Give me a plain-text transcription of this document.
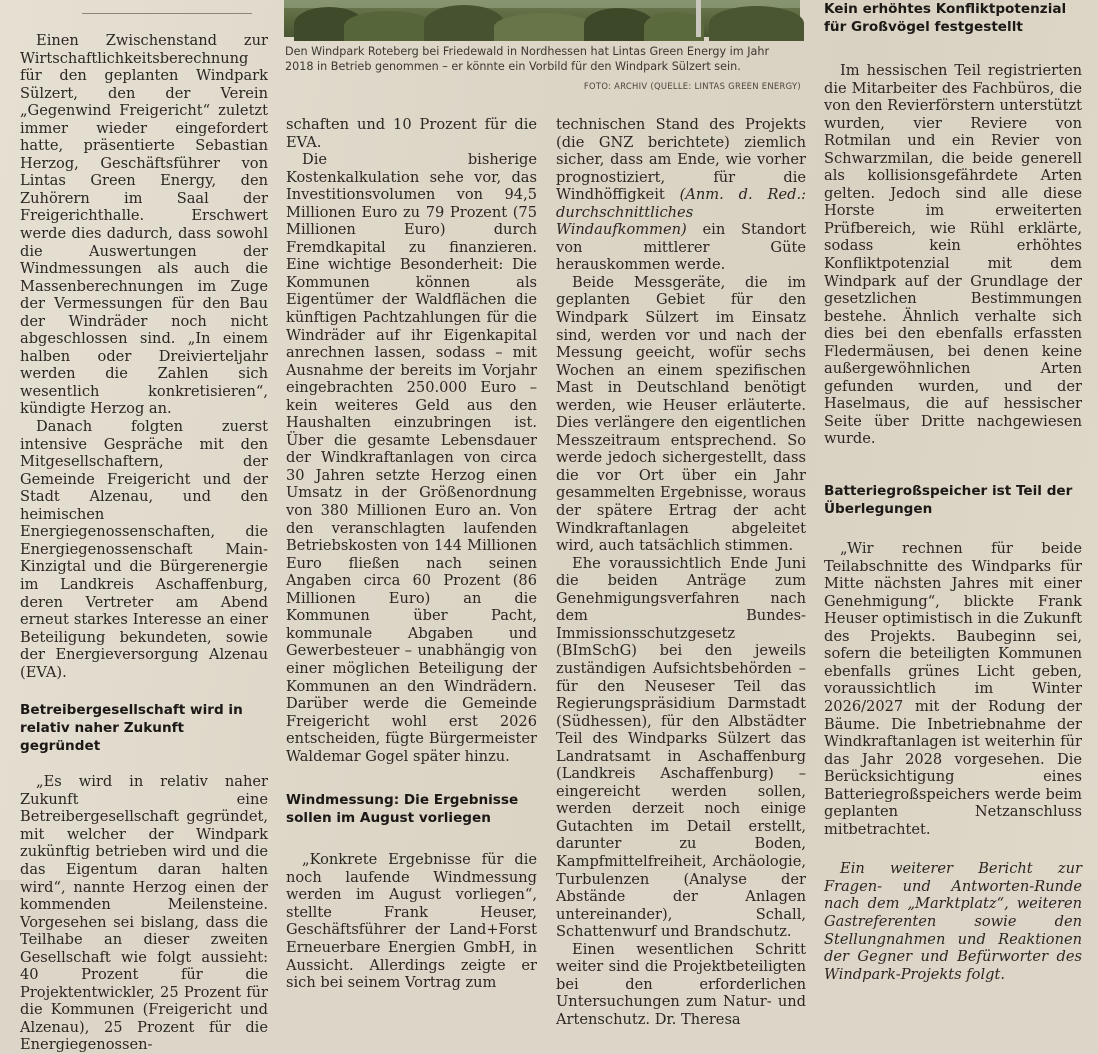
Den Windpark Roteberg bei Friedewald in Nordhessen hat Lintas Green Energy im Jahr 2018 in Betrieb genommen – er könnte ein Vorbild für den Windpark Sülzert sein.
FOTO: ARCHIV (QUELLE: LINTAS GREEN ENERGY)

Einen Zwischenstand zur Wirtschaftlichkeitsberechnung für den geplanten Windpark Sülzert, den der Verein „Gegenwind Freigericht“ zuletzt immer wieder eingefordert hatte, präsentierte Sebastian Herzog, Geschäftsführer von Lintas Green Energy, den Zuhörern im Saal der Freigerichthalle. Erschwert werde dies dadurch, dass sowohl die Auswertungen der Windmessungen als auch die Massenberechnungen im Zuge der Vermessungen für den Bau der Windräder noch nicht abgeschlossen sind. „In einem halben oder Dreivierteljahr werden die Zahlen sich wesentlich konkretisieren“, kündigte Herzog an.

Danach folgten zuerst intensive Gespräche mit den Mitgesellschaftern, der Gemeinde Freigericht und der Stadt Alzenau, und den heimischen Energiegenossenschaften, die Energiegenossenschaft Main-Kinzigtal und die Bürgerenergie im Landkreis Aschaffenburg, deren Vertreter am Abend erneut starkes Interesse an einer Beteiligung bekundeten, sowie der Energieversorgung Alzenau (EVA).

Betreibergesellschaft wird in relativ naher Zukunft gegründet

„Es wird in relativ naher Zukunft eine Betreibergesellschaft gegründet, mit welcher der Windpark zukünftig betrieben wird und die das Eigentum daran halten wird“, nannte Herzog einen der kommenden Meilensteine. Vorgesehen sei bislang, dass die Teilhabe an dieser zweiten Gesellschaft wie folgt aussieht: 40 Prozent für die Projektentwickler, 25 Prozent für die Kommunen (Freigericht und Alzenau), 25 Prozent für die Energiegenossen-

schaften und 10 Prozent für die EVA.

Die bisherige Kostenkalkulation sehe vor, das Investitionsvolumen von 94,5 Millionen Euro zu 79 Prozent (75 Millionen Euro) durch Fremdkapital zu finanzieren. Eine wichtige Besonderheit: Die Kommunen können als Eigentümer der Waldflächen die künftigen Pachtzahlungen für die Windräder auf ihr Eigenkapital anrechnen lassen, sodass – mit Ausnahme der bereits im Vorjahr eingebrachten 250.000 Euro – kein weiteres Geld aus den Haushalten einzubringen ist. Über die gesamte Lebensdauer der Windkraftanlagen von circa 30 Jahren setzte Herzog einen Umsatz in der Größenordnung von 380 Millionen Euro an. Von den veranschlagten laufenden Betriebskosten von 144 Millionen Euro fließen nach seinen Angaben circa 60 Prozent (86 Millionen Euro) an die Kommunen über Pacht, kommunale Abgaben und Gewerbesteuer – unabhängig von einer möglichen Beteiligung der Kommunen an den Windrädern. Darüber werde die Gemeinde Freigericht wohl erst 2026 entscheiden, fügte Bürgermeister Waldemar Gogel später hinzu.

Windmessung: Die Ergebnisse sollen im August vorliegen

„Konkrete Ergebnisse für die noch laufende Windmessung werden im August vorliegen“, stellte Frank Heuser, Geschäftsführer der Land+Forst Erneuerbare Energien GmbH, in Aussicht. Allerdings zeigte er sich bei seinem Vortrag zum

technischen Stand des Projekts (die GNZ berichtete) ziemlich sicher, dass am Ende, wie vorher prognostiziert, für die Windhöffigkeit (Anm. d. Red.: durchschnittliches Windaufkommen) ein Standort von mittlerer Güte herauskommen werde.

Beide Messgeräte, die im geplanten Gebiet für den Windpark Sülzert im Einsatz sind, werden vor und nach der Messung geeicht, wofür sechs Wochen an einem spezifischen Mast in Deutschland benötigt werden, wie Heuser erläuterte. Dies verlängere den eigentlichen Messzeitraum entsprechend. So werde jedoch sichergestellt, dass die vor Ort über ein Jahr gesammelten Ergebnisse, woraus der spätere Ertrag der acht Windkraftanlagen abgeleitet wird, auch tatsächlich stimmen.

Ehe voraussichtlich Ende Juni die beiden Anträge zum Genehmigungsverfahren nach dem Bundes-Immissionsschutzgesetz (BImSchG) bei den jeweils zuständigen Aufsichtsbehörden – für den Neuseser Teil das Regierungspräsidium Darmstadt (Südhessen), für den Albstädter Teil des Windparks Sülzert das Landratsamt in Aschaffenburg (Landkreis Aschaffenburg) – eingereicht werden sollen, werden derzeit noch einige Gutachten im Detail erstellt, darunter zu Boden, Kampfmittelfreiheit, Archäologie, Turbulenzen (Analyse der Abstände der Anlagen untereinander), Schall, Schattenwurf und Brandschutz.

Einen wesentlichen Schritt weiter sind die Projektbeteiligten bei den erforderlichen Untersuchungen zum Natur- und Artenschutz. Dr. Theresa

Kein erhöhtes Konfliktpotenzial für Großvögel festgestellt

Im hessischen Teil registrierten die Mitarbeiter des Fachbüros, die von den Revierförstern unterstützt wurden, vier Reviere von Rotmilan und ein Revier von Schwarzmilan, die beide generell als kollisionsgefährdete Arten gelten. Jedoch sind alle diese Horste im erweiterten Prüfbereich, wie Rühl erklärte, sodass kein erhöhtes Konfliktpotenzial mit dem Windpark auf der Grundlage der gesetzlichen Bestimmungen bestehe. Ähnlich verhalte sich dies bei den ebenfalls erfassten Fledermäusen, bei denen keine außergewöhnlichen Arten gefunden wurden, und der Haselmaus, die auf hessischer Seite über Dritte nachgewiesen wurde.

Batteriegroßspeicher ist Teil der Überlegungen

„Wir rechnen für beide Teilabschnitte des Windparks für Mitte nächsten Jahres mit einer Genehmigung“, blickte Frank Heuser optimistisch in die Zukunft des Projekts. Baubeginn sei, sofern die beteiligten Kommunen ebenfalls grünes Licht geben, voraussichtlich im Winter 2026/2027 mit der Rodung der Bäume. Die Inbetriebnahme der Windkraftanlagen ist weiterhin für das Jahr 2028 vorgesehen. Die Berücksichtigung eines Batteriegroßspeichers werde beim geplanten Netzanschluss mitbetrachtet.

Ein weiterer Bericht zur Fragen- und Antworten-Runde nach dem „Marktplatz“, weiteren Gastreferenten sowie den Stellungnahmen und Reaktionen der Gegner und Befürworter des Windpark-Projekts folgt.
